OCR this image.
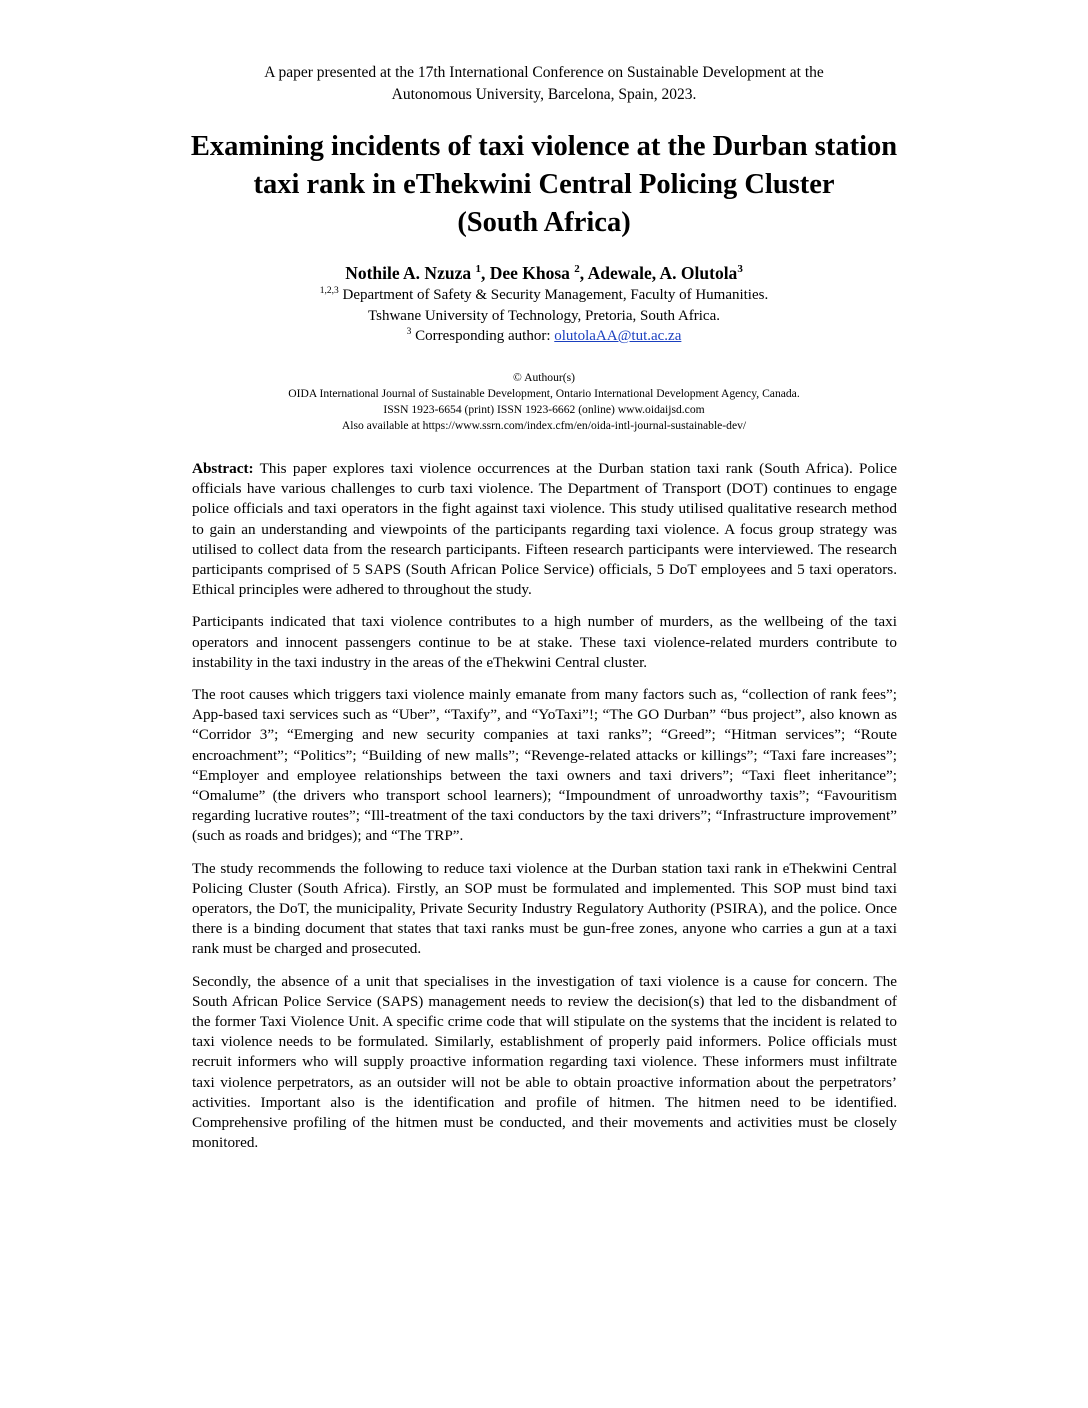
A paper presented at the 17th International Conference on Sustainable Development at the
Autonomous University, Barcelona, Spain, 2023.
Examining incidents of taxi violence at the Durban station
taxi rank in eThekwini Central Policing Cluster
(South Africa)
Nothile A. Nzuza $^1$, Dee Khosa $^2$, Adewale, A. Olutola$^3$
$^{1,2,3}$ Department of Safety & Security Management, Faculty of Humanities.
Tshwane University of Technology, Pretoria, South Africa.
$^3$ Corresponding author: olutolaAA@tut.ac.za
© Authour(s)
OIDA International Journal of Sustainable Development, Ontario International Development Agency, Canada.
ISSN 1923-6654 (print) ISSN 1923-6662 (online) www.oidaijsd.com
Also available at https://www.ssrn.com/index.cfm/en/oida-intl-journal-sustainable-dev/

Abstract: This paper explores taxi violence occurrences at the Durban station taxi rank (South Africa). Police officials have various challenges to curb taxi violence. The Department of Transport (DOT) continues to engage police officials and taxi operators in the fight against taxi violence. This study utilised qualitative research method to gain an understanding and viewpoints of the participants regarding taxi violence. A focus group strategy was utilised to collect data from the research participants. Fifteen research participants were interviewed. The research participants comprised of 5 SAPS (South African Police Service) officials, 5 DoT employees and 5 taxi operators. Ethical principles were adhered to throughout the study.

Participants indicated that taxi violence contributes to a high number of murders, as the wellbeing of the taxi operators and innocent passengers continue to be at stake. These taxi violence-related murders contribute to instability in the taxi industry in the areas of the eThekwini Central cluster.

The root causes which triggers taxi violence mainly emanate from many factors such as, “collection of rank fees”; App-based taxi services such as “Uber”, “Taxify”, and “YoTaxi”!; “The GO Durban” “bus project”, also known as “Corridor 3”; “Emerging and new security companies at taxi ranks”; “Greed”; “Hitman services”; “Route encroachment”; “Politics”; “Building of new malls”; “Revenge-related attacks or killings”; “Taxi fare increases”; “Employer and employee relationships between the taxi owners and taxi drivers”; “Taxi fleet inheritance”; “Omalume” (the drivers who transport school learners); “Impoundment of unroadworthy taxis”; “Favouritism regarding lucrative routes”; “Ill-treatment of the taxi conductors by the taxi drivers”; “Infrastructure improvement” (such as roads and bridges); and “The TRP”.

The study recommends the following to reduce taxi violence at the Durban station taxi rank in eThekwini Central Policing Cluster (South Africa). Firstly, an SOP must be formulated and implemented. This SOP must bind taxi operators, the DoT, the municipality, Private Security Industry Regulatory Authority (PSIRA), and the police. Once there is a binding document that states that taxi ranks must be gun-free zones, anyone who carries a gun at a taxi rank must be charged and prosecuted.

Secondly, the absence of a unit that specialises in the investigation of taxi violence is a cause for concern. The South African Police Service (SAPS) management needs to review the decision(s) that led to the disbandment of the former Taxi Violence Unit. A specific crime code that will stipulate on the systems that the incident is related to taxi violence needs to be formulated. Similarly, establishment of properly paid informers. Police officials must recruit informers who will supply proactive information regarding taxi violence. These informers must infiltrate taxi violence perpetrators, as an outsider will not be able to obtain proactive information about the perpetrators’ activities. Important also is the identification and profile of hitmen. The hitmen need to be identified. Comprehensive profiling of the hitmen must be conducted, and their movements and activities must be closely monitored.
